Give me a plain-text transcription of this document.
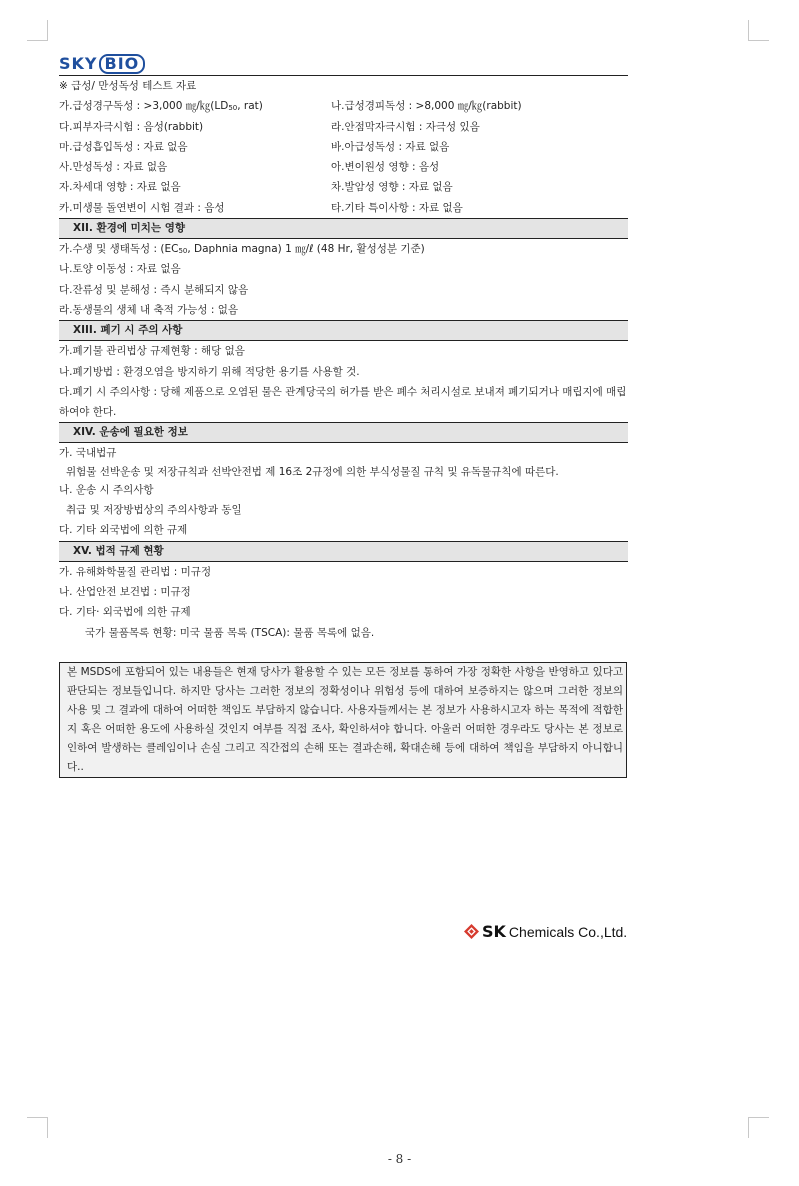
SKY BIO
※ 급성/ 만성독성 테스트 자료
가.급성경구독성 : >3,000 $㎎/㎏(LD_{50}$, rat)	나.급성경피독성 : >8,000 ㎎/㎏(rabbit)
다.피부자극시험 : 음성(rabbit)	라.안점막자극시험 : 자극성 있음
마.급성흡입독성 : 자료 없음	바.아급성독성 : 자료 없음
사.만성독성 : 자료 없음	아.변이원성 영향 : 음성
자.차세대 영향 : 자료 없음	차.발암성 영향 : 자료 없음
카.미생물 돌연변이 시험 결과 : 음성	타.기타 특이사항 : 자료 없음
XII. 환경에 미치는 영향
가.수생 및 생태독성 : ($EC_{50}$, Daphnia magna) 1 ㎎/ℓ (48 Hr, 활성성분 기준)
나.토양 이동성 : 자료 없음
다.잔류성 및 분해성 : 즉시 분해되지 않음
라.동생물의 생체 내 축적 가능성 : 없음
XIII. 폐기 시 주의 사항
가.폐기물 관리법상 규제현황 : 해당 없음
나.폐기방법 : 환경오염을 방지하기 위해 적당한 용기를 사용할 것.
다.폐기 시 주의사항 : 당해 제품으로 오염된 물은 관계당국의 허가를 받은 폐수 처리시설로 보내져 폐기되거나 매립지에 매립하여야 한다.
XIV. 운송에 필요한 정보
가. 국내법규
위험물 선박운송 및 저장규칙과 선박안전법 제 16조 2규정에 의한 부식성물질 규칙 및 유독물규칙에 따른다.
나. 운송 시 주의사항
취급 및 저장방법상의 주의사항과 동일
다. 기타 외국법에 의한 규제
XV. 법적 규제 현황
가. 유해화학물질 관리법 : 미규정
나. 산업안전 보건법 : 미규정
다. 기타· 외국법에 의한 규제
국가 물품목록 현황: 미국 물품 목록 (TSCA): 물품 목록에 없음.
본 MSDS에 포함되어 있는 내용들은 현재 당사가 활용할 수 있는 모든 정보를 통하여 가장 정확한 사항을 반영하고 있다고 판단되는 정보들입니다. 하지만 당사는 그러한 정보의 정확성이나 위험성 등에 대하여 보증하지는 않으며 그러한 정보의 사용 및 그 결과에 대하여 어떠한 책임도 부담하지 않습니다. 사용자들께서는 본 정보가 사용하시고자 하는 목적에 적합한지 혹은 어떠한 용도에 사용하실 것인지 여부를 직접 조사, 확인하셔야 합니다. 아울러 어떠한 경우라도 당사는 본 정보로 인하여 발생하는 클레임이나 손실 그리고 직간접의 손해 또는 결과손해, 확대손해 등에 대하여 책임을 부담하지 아니합니다..
SK Chemicals Co.,Ltd.
- 8 -
